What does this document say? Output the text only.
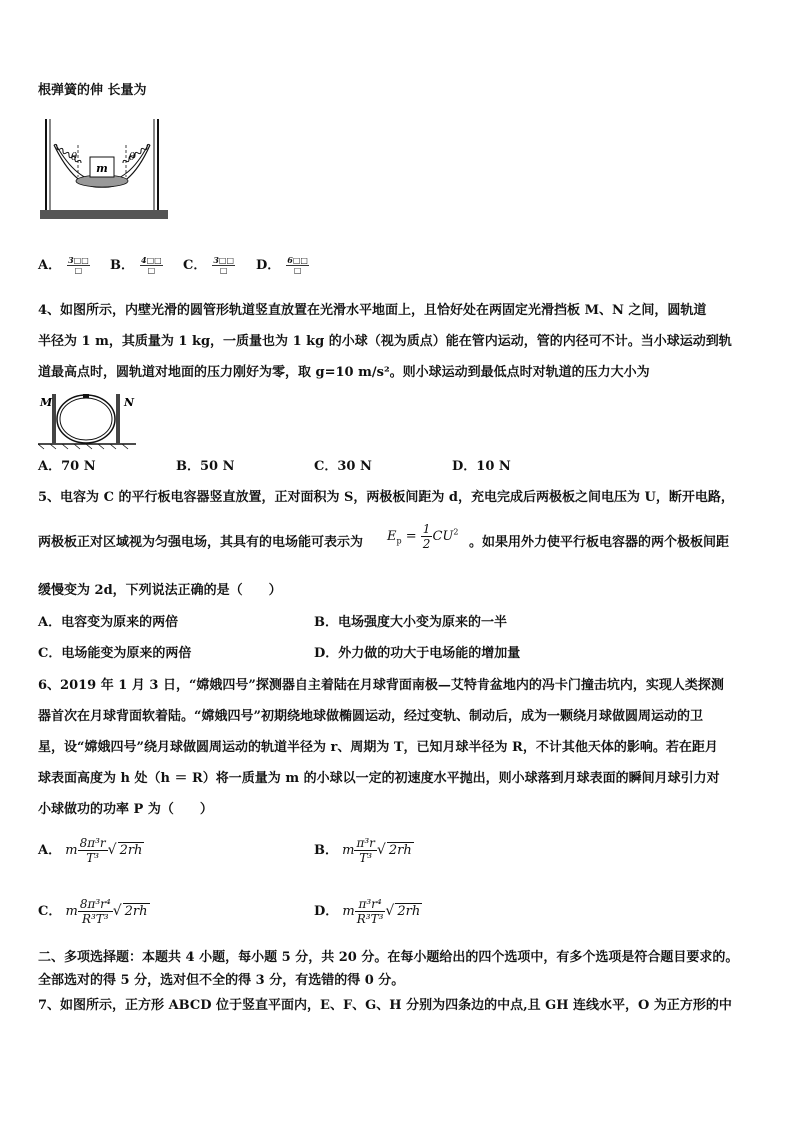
根弹簧的伸 长量为
m
θ	θ
A． $\frac{3□□}{□}$ B． $\frac{4□□}{□}$ C． $\frac{3□□}{□}$ D． $\frac{6□□}{□}$
4、如图所示，内壁光滑的圆管形轨道竖直放置在光滑水平地面上，且恰好处在两固定光滑挡板 M、N 之间，圆轨道
半径为 1 m，其质量为 1 kg，一质量也为 1 kg 的小球（视为质点）能在管内运动，管的内径可不计。当小球运动到轨
道最高点时，圆轨道对地面的压力刚好为零，取 g=10 m/s²。则小球运动到最低点时对轨道的压力大小为
M	N
A．70 N	B．50 N	C．30 N	D．10 N
5、电容为 C 的平行板电容器竖直放置，正对面积为 S，两极板间距为 d，充电完成后两极板之间电压为 U，断开电路，
两极板正对区域视为匀强电场，其具有的电场能可表示为 $E_p = \frac{1}{2} CU^2$
。如果用外力使平行板电容器的两个极板间距
缓慢变为 2d，下列说法正确的是（　　）
A．电容变为原来的两倍	B．电场强度大小变为原来的一半
C．电场能变为原来的两倍	D．外力做的功大于电场能的增加量
6、2019 年 1 月 3 日，“嫦娥四号”探测器自主着陆在月球背面南极—艾特肯盆地内的冯卡门撞击坑内，实现人类探测
器首次在月球背面软着陆。“嫦娥四号”初期绕地球做椭圆运动，经过变轨、制动后，成为一颗绕月球做圆周运动的卫
星，设“嫦娥四号”绕月球做圆周运动的轨道半径为 r、周期为 T，已知月球半径为 R，不计其他天体的影响。若在距月
球表面高度为 h 处（h ＝ R）将一质量为 m 的小球以一定的初速度水平抛出，则小球落到月球表面的瞬间月球引力对
小球做功的功率 P 为（　　）
A． m $\frac{\text{8π³r}}{\text{T³}}$ √ 2rh	B． m $\frac{\text{π³r}}{\text{T³}}$ √ 2rh
C． m $\frac{\text{8π³r⁴}}{\text{R³T³}}$ √ 2rh	D． m $\frac{\text{π³r⁴}}{\text{R³T³}}$ √ 2rh
二、多项选择题：本题共 4 小题，每小题 5 分，共 20 分。在每小题给出的四个选项中，有多个选项是符合题目要求的。
全部选对的得 5 分，选对但不全的得 3 分，有选错的得 0 分。
7、如图所示，正方形 ABCD 位于竖直平面内，E、F、G、H 分别为四条边的中点,且 GH 连线水平，O 为正方形的中
